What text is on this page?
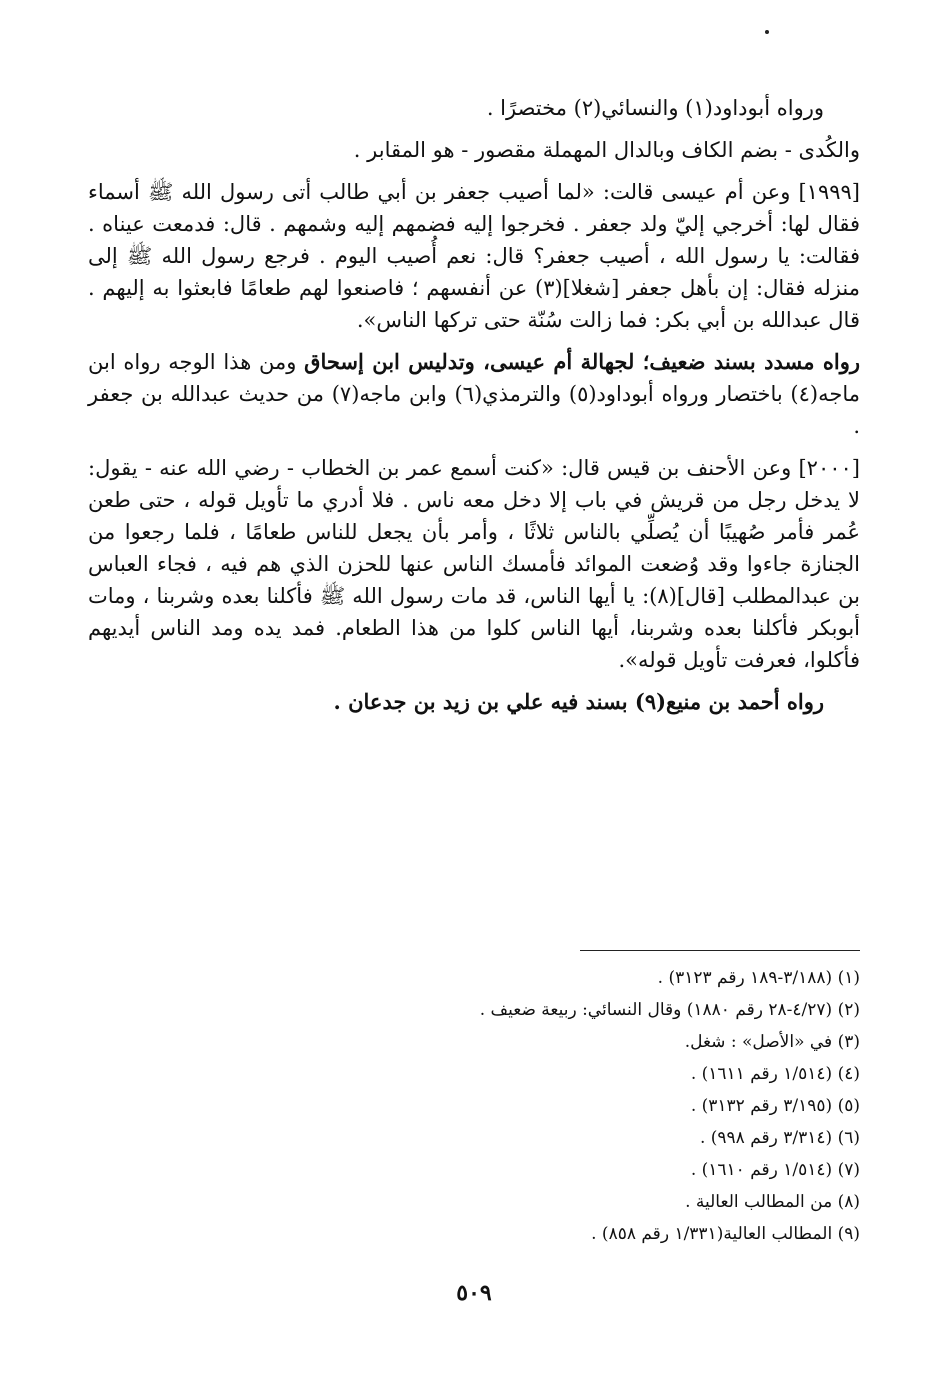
ورواه أبوداود(١) والنسائي(٢) مختصرًا .

والكُدى - بضم الكاف وبالدال المهملة مقصور - هو المقابر .

[١٩٩٩] وعن أم عيسى قالت: «لما أصيب جعفر بن أبي طالب أتى رسول الله ﷺ أسماء فقال لها: أخرجي إليّ ولد جعفر . فخرجوا إليه فضمهم إليه وشمهم . قال: فدمعت عيناه . فقالت: يا رسول الله ، أصيب جعفر؟ قال: نعم أُصيب اليوم . فرجع رسول الله ﷺ إلى منزله فقال: إن بأهل جعفر [شغلا](٣) عن أنفسهم ؛ فاصنعوا لهم طعامًا فابعثوا به إليهم . قال عبدالله بن أبي بكر: فما زالت سُنّة حتى تركها الناس».

رواه مسدد بسند ضعيف؛ لجهالة أم عيسى، وتدليس ابن إسحاق ومن هذا الوجه رواه ابن ماجه(٤) باختصار ورواه أبوداود(٥) والترمذي(٦) وابن ماجه(٧) من حديث عبدالله بن جعفر .

[٢٠٠٠] وعن الأحنف بن قيس قال: «كنت أسمع عمر بن الخطاب - رضي الله عنه - يقول: لا يدخل رجل من قريش في باب إلا دخل معه ناس . فلا أدري ما تأويل قوله ، حتى طعن عُمر فأمر صُهيبًا أن يُصلِّي بالناس ثلاثًا ، وأمر بأن يجعل للناس طعامًا ، فلما رجعوا من الجنازة جاءوا وقد وُضعت الموائد فأمسك الناس عنها للحزن الذي هم فيه ، فجاء العباس بن عبدالمطلب [قال](٨): يا أيها الناس، قد مات رسول الله ﷺ فأكلنا بعده وشربنا ، ومات أبوبكر فأكلنا بعده وشربنا، أيها الناس كلوا من هذا الطعام. فمد يده ومد الناس أيديهم فأكلوا، فعرفت تأويل قوله».

رواه أحمد بن منيع(٩) بسند فيه علي بن زيد بن جدعان .

(١) (٣/١٨٨-١٨٩ رقم ٣١٢٣) .

(٢) (٤/٢٧-٢٨ رقم ١٨٨٠) وقال النسائي: ربيعة ضعيف .

(٣) في «الأصل» : شغل.

(٤) (١/٥١٤ رقم ١٦١١) .

(٥) (٣/١٩٥ رقم ٣١٣٢) .

(٦) (٣/٣١٤ رقم ٩٩٨) .

(٧) (١/٥١٤ رقم ١٦١٠) .

(٨) من المطالب العالية .

(٩) المطالب العالية(١/٣٣١ رقم ٨٥٨) .

٥٠٩
